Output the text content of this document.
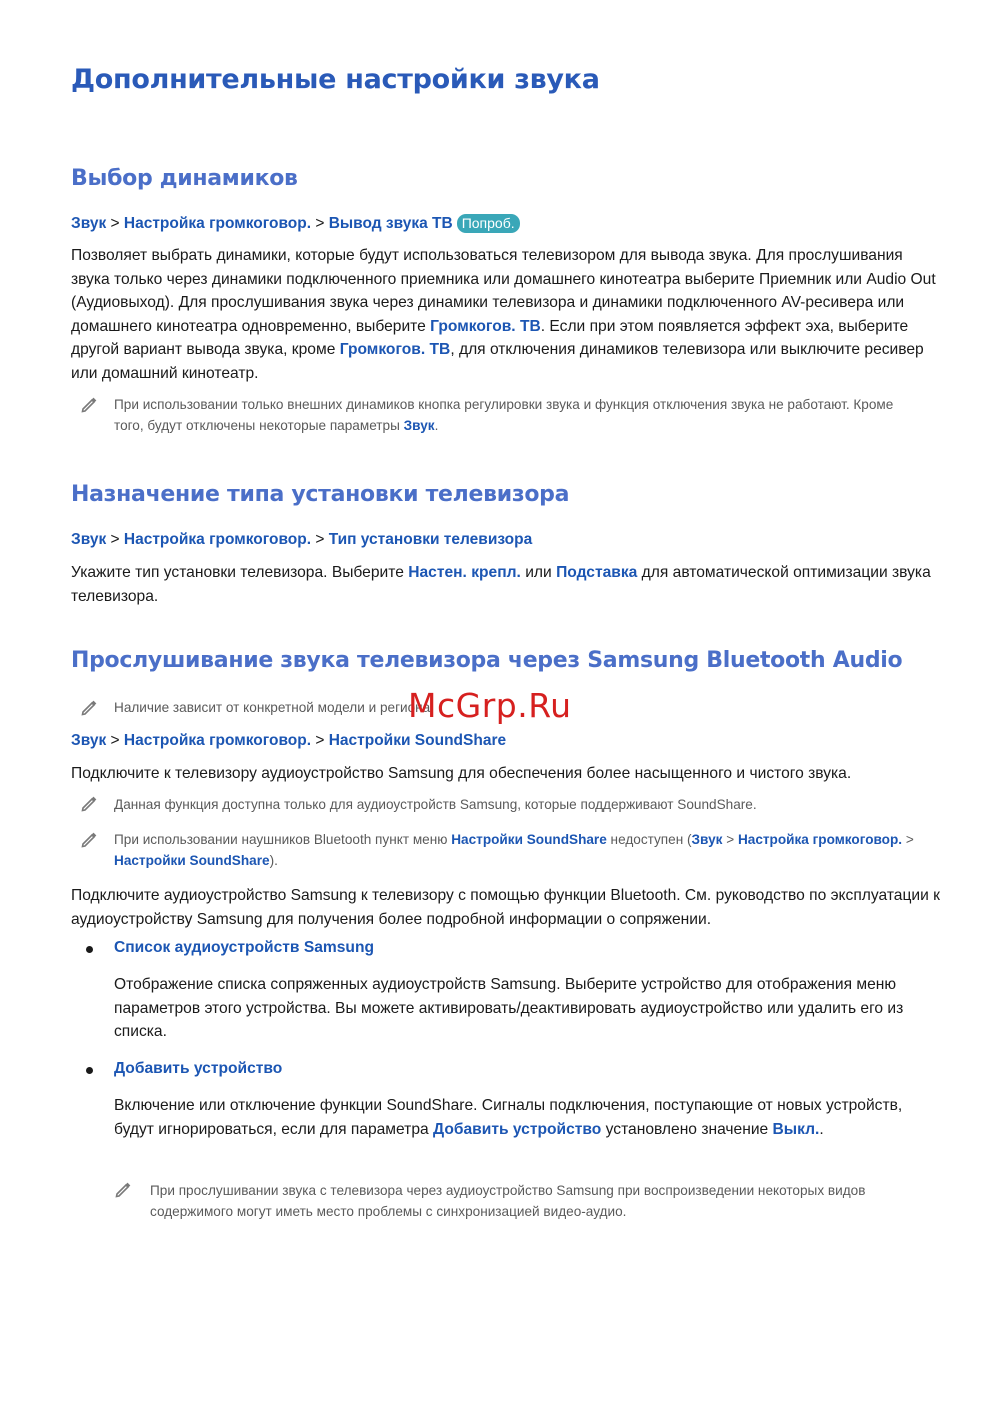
Дополнительные настройки звука
Выбор динамиков

Звук > Настройка громкоговор. > Вывод звука ТВ Попроб.

Позволяет выбрать динамики, которые будут использоваться телевизором для вывода звука. Для прослушивания звука только через динамики подключенного приемника или домашнего кинотеатра выберите Приемник или Audio Out (Аудиовыход). Для прослушивания звука через динамики телевизора и динамики подключенного AV-ресивера или домашнего кинотеатра одновременно, выберите Громкогов. ТВ. Если при этом появляется эффект эха, выберите другой вариант вывода звука, кроме Громкогов. ТВ, для отключения динамиков телевизора или выключите ресивер или домашний кинотеатр.

При использовании только внешних динамиков кнопка регулировки звука и функция отключения звука не работают. Кроме того, будут отключены некоторые параметры Звук.

Назначение типа установки телевизора

Звук > Настройка громкоговор. > Тип установки телевизора

Укажите тип установки телевизора. Выберите Настен. крепл. или Подставка для автоматической оптимизации звука телевизора.

Прослушивание звука телевизора через Samsung Bluetooth Audio

Наличие зависит от конкретной модели и региона.

Звук > Настройка громкоговор. > Настройки SoundShare

Подключите к телевизору аудиоустройство Samsung для обеспечения более насыщенного и чистого звука.

Данная функция доступна только для аудиоустройств Samsung, которые поддерживают SoundShare.

При использовании наушников Bluetooth пункт меню Настройки SoundShare недоступен (Звук > Настройка громкоговор. > Настройки SoundShare).

Подключите аудиоустройство Samsung к телевизору с помощью функции Bluetooth. См. руководство по эксплуатации к аудиоустройству Samsung для получения более подробной информации о сопряжении.

Список аудиоустройств Samsung

Отображение списка сопряженных аудиоустройств Samsung. Выберите устройство для отображения меню параметров этого устройства. Вы можете активировать/деактивировать аудиоустройство или удалить его из списка.

Добавить устройство

Включение или отключение функции SoundShare. Сигналы подключения, поступающие от новых устройств, будут игнорироваться, если для параметра Добавить устройство установлено значение Выкл..

При прослушивании звука с телевизора через аудиоустройство Samsung при воспроизведении некоторых видов содержимого могут иметь место проблемы с синхронизацией видео-аудио.

McGrp.Ru
